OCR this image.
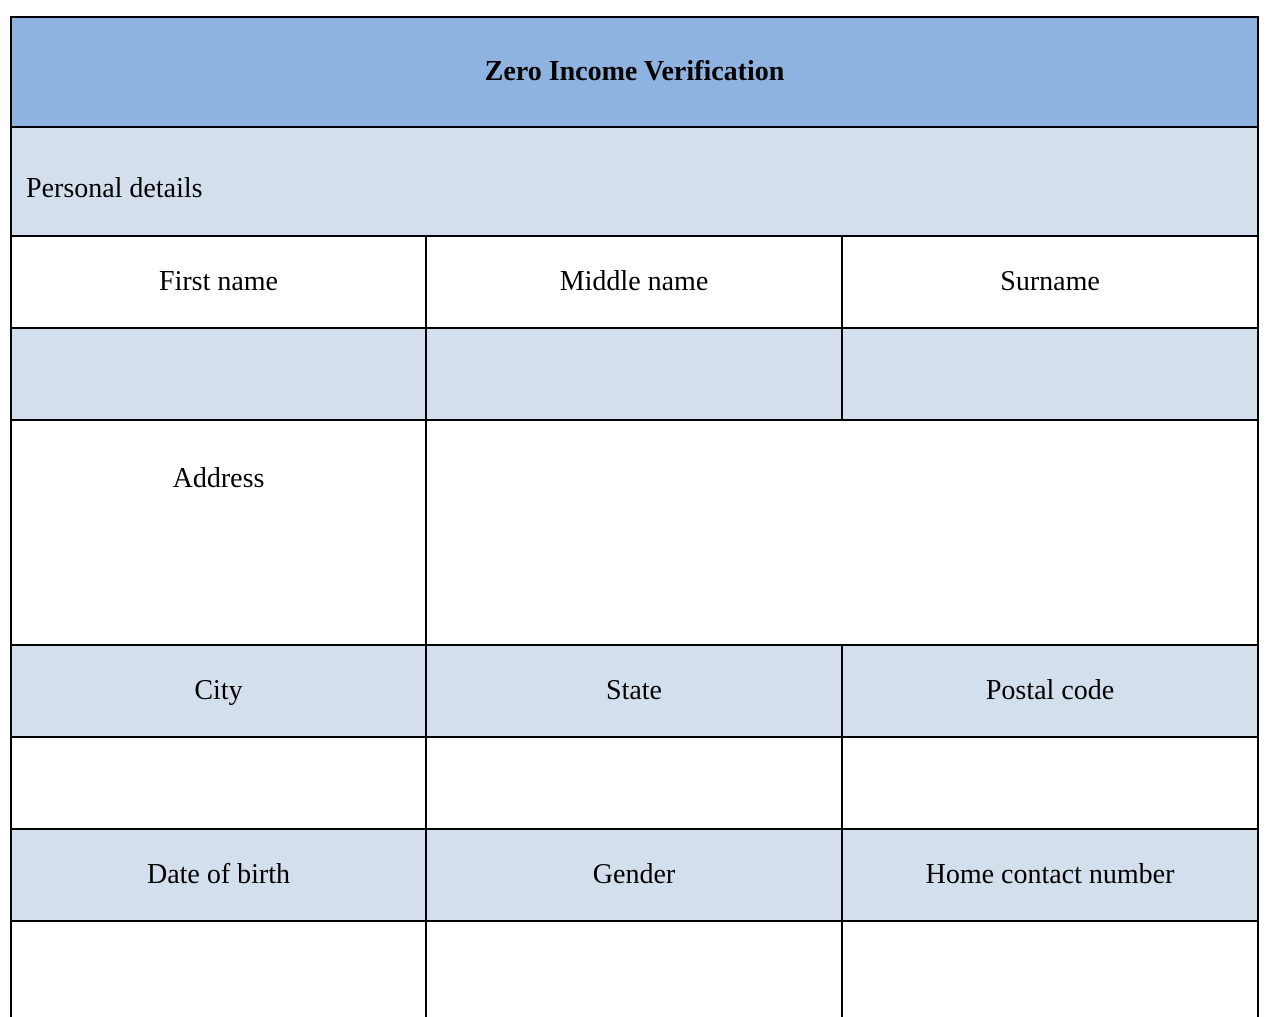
Zero Income Verification		
Personal details		
First name	Middle name	Surname

Address		
City	State	Postal code

Date of birth	Gender	Home contact number
